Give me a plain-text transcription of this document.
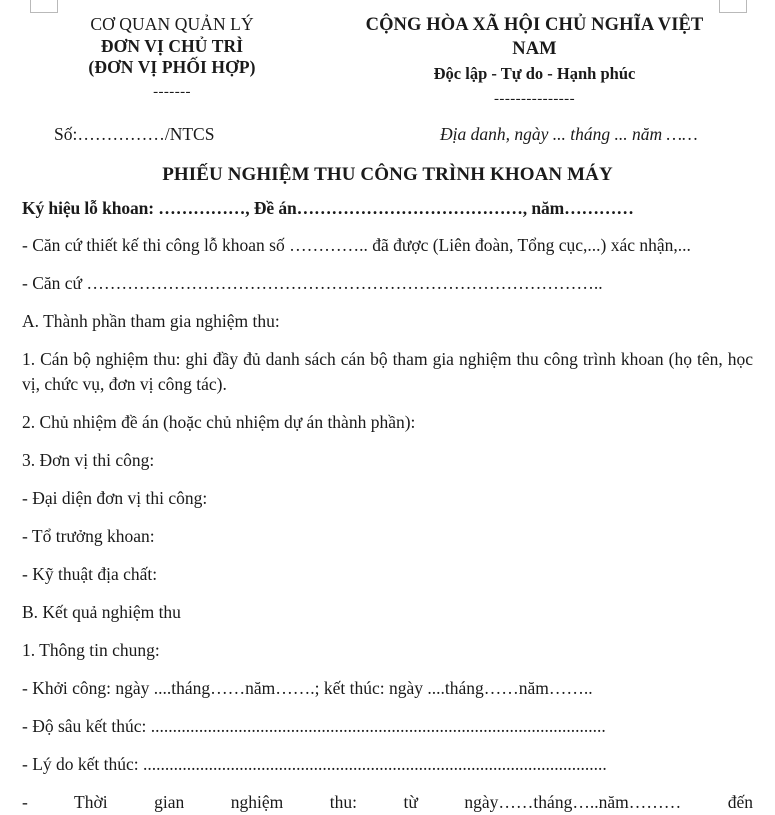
CƠ QUAN QUẢN LÝ
ĐƠN VỊ CHỦ TRÌ
(ĐƠN VỊ PHỐI HỢP)
-------
CỘNG HÒA XÃ HỘI CHỦ NGHĨA VIỆT
NAM
Độc lập - Tự do - Hạnh phúc
---------------
Số:……………/NTCS	Địa danh, ngày ... tháng ... năm ……
PHIẾU NGHIỆM THU CÔNG TRÌNH KHOAN MÁY
Ký hiệu lỗ khoan: ……………, Đề án…………………………………, năm…………
- Căn cứ thiết kế thi công lỗ khoan số ………….. đã được (Liên đoàn, Tổng cục,...) xác nhận,...
- Căn cứ ……………………………………………………………………………..
A. Thành phần tham gia nghiệm thu:
1. Cán bộ nghiệm thu: ghi đầy đủ danh sách cán bộ tham gia nghiệm thu công trình khoan (họ tên, học vị, chức vụ, đơn vị công tác).
2. Chủ nhiệm đề án (hoặc chủ nhiệm dự án thành phần):
3. Đơn vị thi công:
- Đại diện đơn vị thi công:
- Tổ trưởng khoan:
- Kỹ thuật địa chất:
B. Kết quả nghiệm thu
1. Thông tin chung:
- Khởi công: ngày ....tháng……năm…….; kết thúc: ngày ....tháng……năm……..
- Độ sâu kết thúc: ........................................................................................................
- Lý do kết thúc: ..........................................................................................................
- Thời gian nghiệm thu: từ ngày……tháng…..năm……… đến
